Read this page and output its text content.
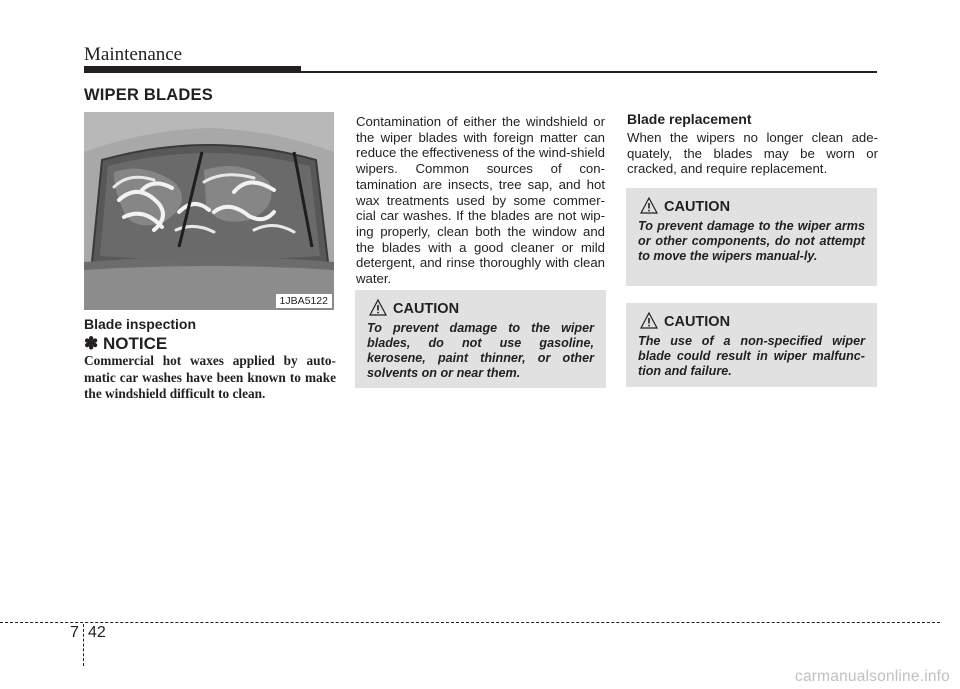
Maintenance
WIPER BLADES
1JBA5122
Blade inspection
✽ NOTICE
Commercial hot waxes applied by auto-matic car washes have been known to make the windshield difficult to clean.
Contamination of either the windshield or the wiper blades with foreign matter can reduce the effectiveness of the wind-shield wipers. Common sources of con-tamination are insects, tree sap, and hot wax treatments used by some commer-cial car washes. If the blades are not wip-ing properly, clean both the window and the blades with a good cleaner or mild detergent, and rinse thoroughly with clean water.
CAUTION
To prevent damage to the wiper blades, do not use gasoline, kerosene, paint thinner, or other solvents on or near them.
Blade replacement
When the wipers no longer clean ade-quately, the blades may be worn or cracked, and require replacement.
CAUTION
To prevent damage to the wiper arms or other components, do not attempt to move the wipers manual-ly.
CAUTION
The use of a non-specified wiper blade could result in wiper malfunc-tion and failure.
7 42
carmanualsonline.info
